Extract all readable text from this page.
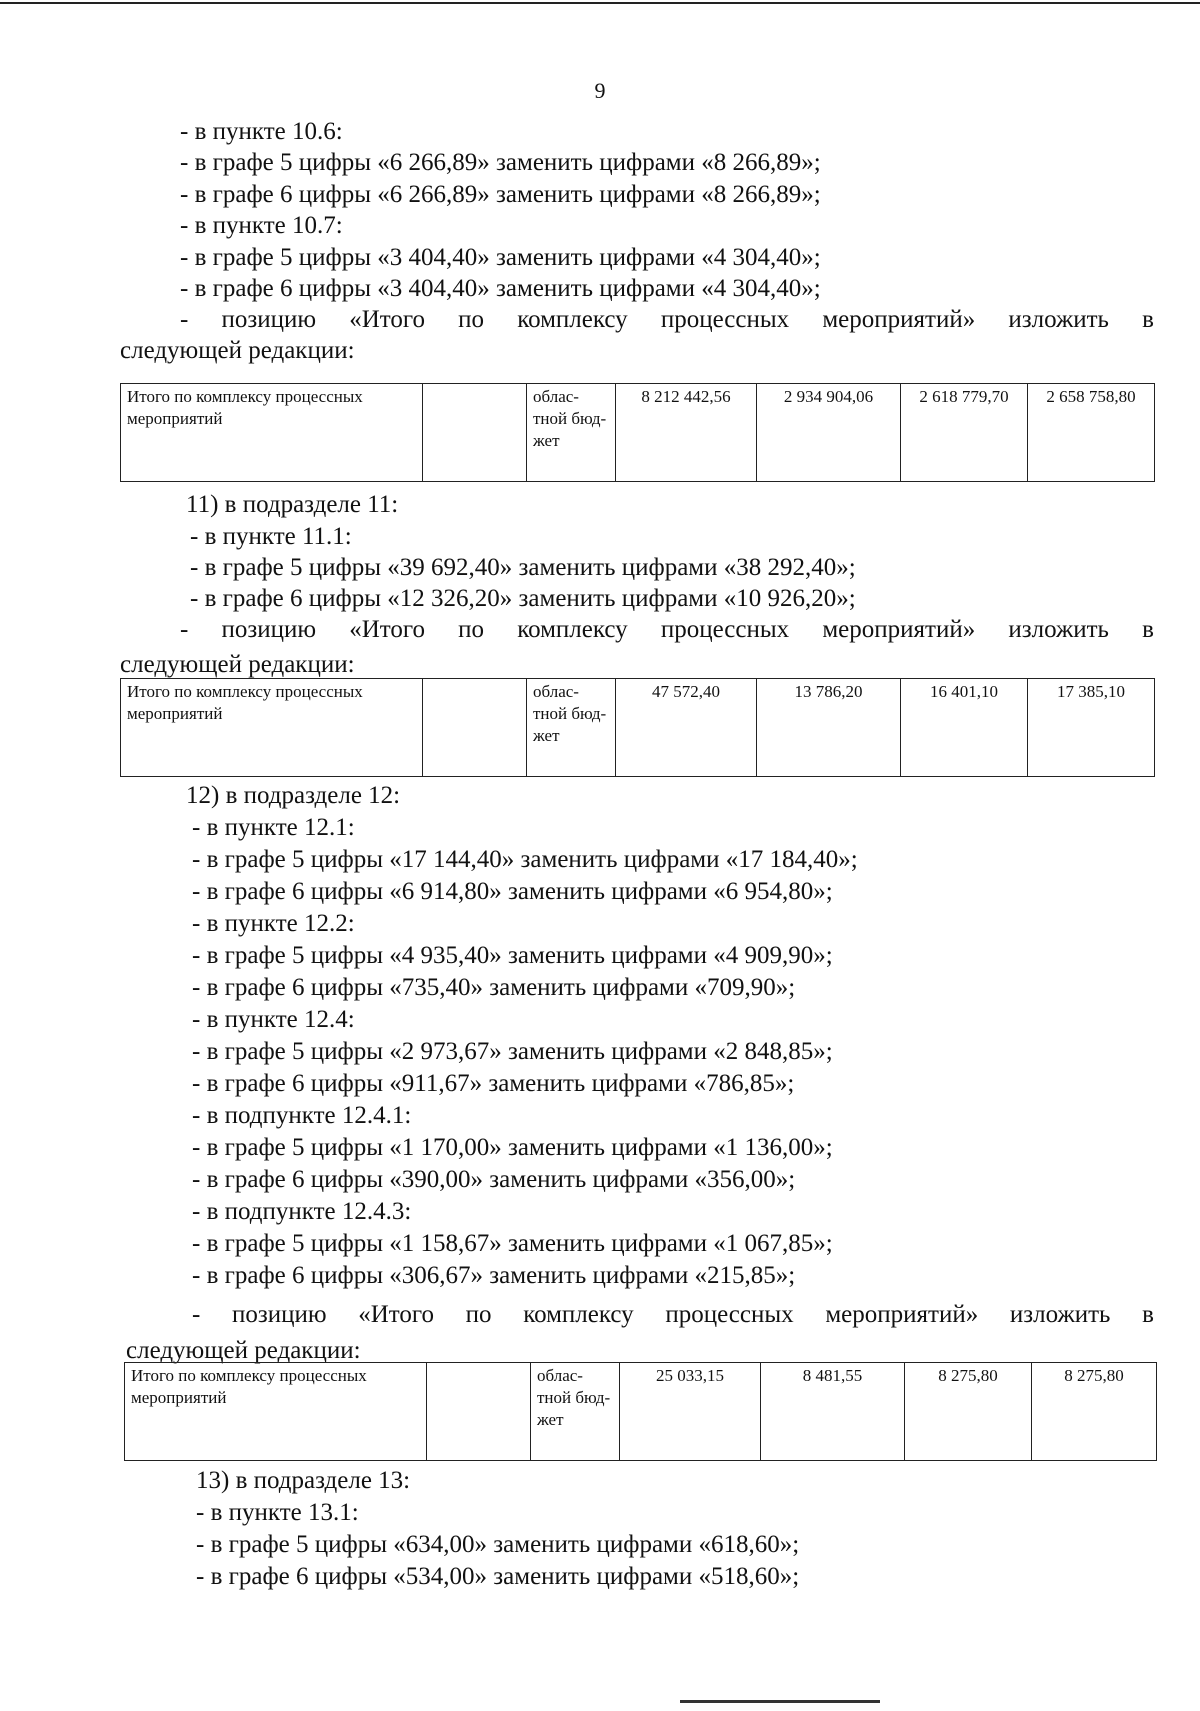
9
- в пункте 10.6:
- в графе 5 цифры «6 266,89» заменить цифрами «8 266,89»;
- в графе 6 цифры «6 266,89» заменить цифрами «8 266,89»;
- в пункте 10.7:
- в графе 5 цифры «3 404,40» заменить цифрами «4 304,40»;
- в графе 6 цифры «3 404,40» заменить цифрами «4 304,40»;
- позицию «Итого по комплексу процессных мероприятий» изложить в
следующей редакции:
Итого по комплексу процессных мероприятий		облас-тной бюд-жет	8 212 442,56	2 934 904,06	2 618 779,70	2 658 758,80
11) в подразделе 11:
- в пункте 11.1:
- в графе 5 цифры «39 692,40» заменить цифрами «38 292,40»;
- в графе 6 цифры «12 326,20» заменить цифрами «10 926,20»;
- позицию «Итого по комплексу процессных мероприятий» изложить в
следующей редакции:
Итого по комплексу процессных мероприятий		облас-тной бюд-жет	47 572,40	13 786,20	16 401,10	17 385,10
12) в подразделе 12:
- в пункте 12.1:
- в графе 5 цифры «17 144,40» заменить цифрами «17 184,40»;
- в графе 6 цифры «6 914,80» заменить цифрами «6 954,80»;
- в пункте 12.2:
- в графе 5 цифры «4 935,40» заменить цифрами «4 909,90»;
- в графе 6 цифры «735,40» заменить цифрами «709,90»;
- в пункте 12.4:
- в графе 5 цифры «2 973,67» заменить цифрами «2 848,85»;
- в графе 6 цифры «911,67» заменить цифрами «786,85»;
- в подпункте 12.4.1:
- в графе 5 цифры «1 170,00» заменить цифрами «1 136,00»;
- в графе 6 цифры «390,00» заменить цифрами «356,00»;
- в подпункте 12.4.3:
- в графе 5 цифры «1 158,67» заменить цифрами «1 067,85»;
- в графе 6 цифры «306,67» заменить цифрами «215,85»;
- позицию «Итого по комплексу процессных мероприятий» изложить в
следующей редакции:
Итого по комплексу процессных мероприятий		облас-тной бюд-жет	25 033,15	8 481,55	8 275,80	8 275,80
13) в подразделе 13:
- в пункте 13.1:
- в графе 5 цифры «634,00» заменить цифрами «618,60»;
- в графе 6 цифры «534,00» заменить цифрами «518,60»;
